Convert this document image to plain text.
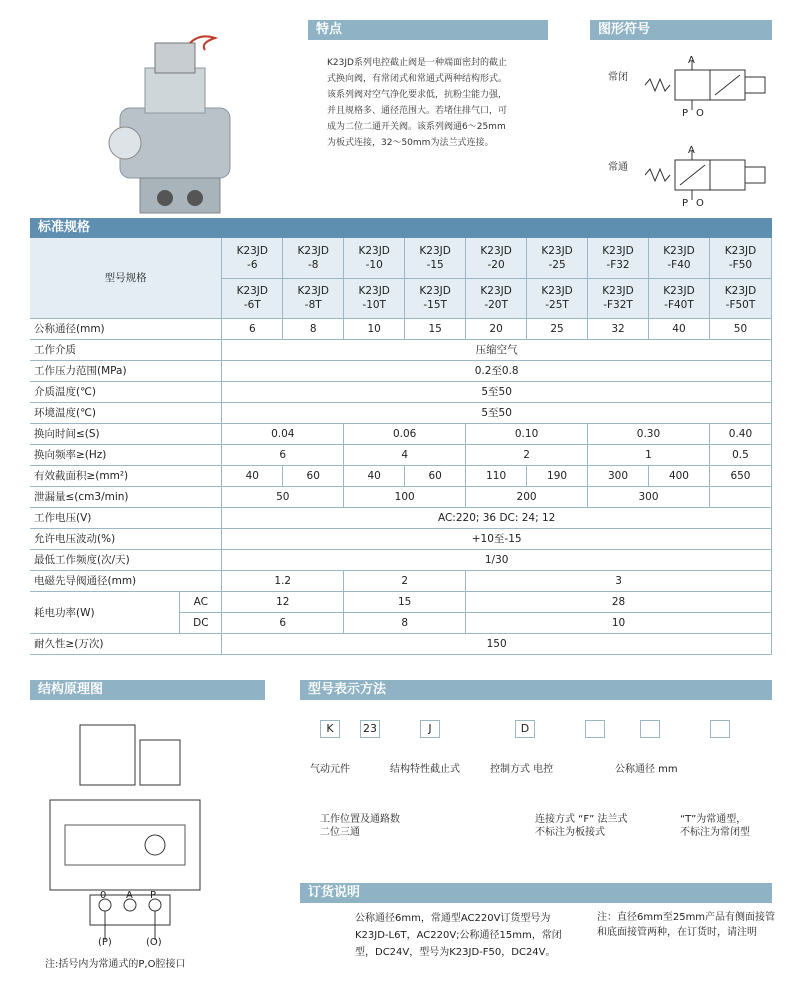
特点
K23JD系列电控截止阀是一种端面密封的截止
式换向阀，有常闭式和常通式两种结构形式。
该系列阀对空气净化要求低，抗粉尘能力强，
并且规格多、通径范围大。若堵住排气口，可
成为二位二通开关阀。该系列阀通6～25mm
为板式连接，32～50mm为法兰式连接。
图形符号
常闭
A
P O
常通
A
P O
标准规格
型号规格		K23JD
-6	K23JD
-8	K23JD
-10	K23JD
-15	K23JD
-20	K23JD
-25	K23JD
-F32	K23JD
-F40	K23JD
-F50
		K23JD
-6T	K23JD
-8T	K23JD
-10T	K23JD
-15T	K23JD
-20T	K23JD
-25T	K23JD
-F32T	K23JD
-F40T	K23JD
-F50T
公称通径(mm)		6	8	10	15	20	25	32	40	50
工作介质		压缩空气								
工作压力范围(MPa)		0.2至0.8								
介质温度(℃)		5至50								
环境温度(℃)		5至50								
换向时间≤(S)		0.04		0.06		0.10		0.30		0.40
换向频率≥(Hz)		6		4		2		1		0.5
有效截面积≥(mm²)		40	60	40	60	110	190	300	400	650
泄漏量≤(cm3/min)		50		100		200		300		300
工作电压(V)		AC:220; 36 DC: 24; 12								
允许电压波动(%)		+10至-15								
最低工作频度(次/天)		1/30								
电磁先导阀通径(mm)		1.2		2		3				
耗电功率(W)	AC	12		15		28				
	DC	6		8		10				
耐久性≥(万次)		150								
结构原理图
0 A P
(P)	(O)
注:括号内为常通式的P,O腔接口
型号表示方法
K	23	J	D
气动元件	结构特性截止式	控制方式 电控	公称通径 mm
工作位置及通路数
二位三通
连接方式 “F” 法兰式
不标注为板接式
“T”为常通型，
不标注为常闭型
订货说明
公称通径6mm，常通型AC220V订货型号为K23JD-L6T，AC220V;公称通径15mm，常闭型，DC24V，型号为K23JD-F50，DC24V。
注：直径6mm至25mm产品有侧面接管和底面接管两种，在订货时，请注明
